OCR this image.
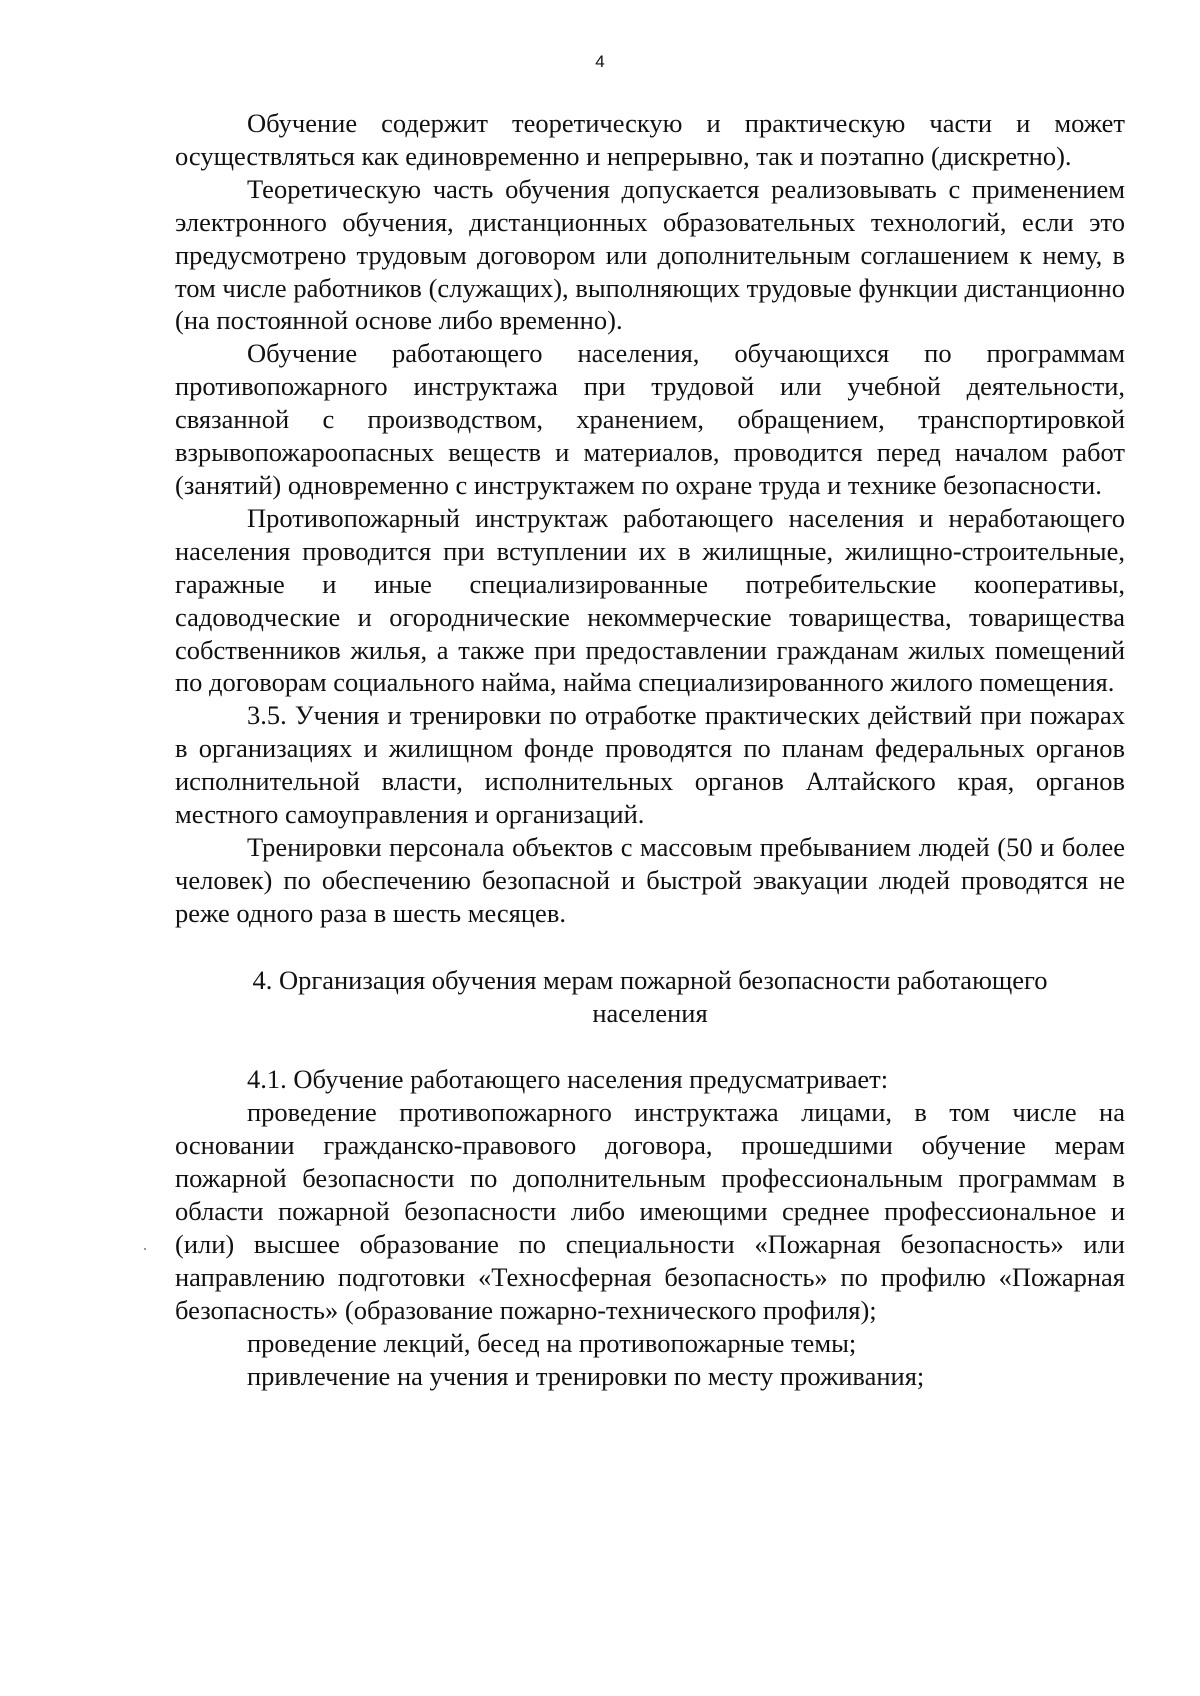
4

Обучение содержит теоретическую и практическую части и может осуществляться как единовременно и непрерывно, так и поэтапно (дискретно).

Теоретическую часть обучения допускается реализовывать с применением электронного обучения, дистанционных образовательных технологий, если это предусмотрено трудовым договором или дополнительным соглашением к нему, в том числе работников (служащих), выполняющих трудовые функции дистанционно (на постоянной основе либо временно).

Обучение работающего населения, обучающихся по программам противопожарного инструктажа при трудовой или учебной деятельности, связанной с производством, хранением, обращением, транспортировкой взрывопожароопасных веществ и материалов, проводится перед началом работ (занятий) одновременно с инструктажем по охране труда и технике безопасности.

Противопожарный инструктаж работающего населения и неработающего населения проводится при вступлении их в жилищные, жилищно-строительные, гаражные и иные специализированные потребительские кооперативы, садоводческие и огороднические некоммерческие товарищества, товарищества собственников жилья, а также при предоставлении гражданам жилых помещений по договорам социального найма, найма специализированного жилого помещения.

3.5. Учения и тренировки по отработке практических действий при пожарах в организациях и жилищном фонде проводятся по планам федеральных органов исполнительной власти, исполнительных органов Алтайского края, органов местного самоуправления и организаций.

Тренировки персонала объектов с массовым пребыванием людей (50 и более человек) по обеспечению безопасной и быстрой эвакуации людей проводятся не реже одного раза в шесть месяцев.

4. Организация обучения мерам пожарной безопасности работающего
населения

4.1. Обучение работающего населения предусматривает:

проведение противопожарного инструктажа лицами, в том числе на основании гражданско-правового договора, прошедшими обучение мерам пожарной безопасности по дополнительным профессиональным программам в области пожарной безопасности либо имеющими среднее профессиональное и (или) высшее образование по специальности «Пожарная безопасность» или направлению подготовки «Техносферная безопасность» по профилю «Пожарная безопасность» (образование пожарно-технического профиля);

проведение лекций, бесед на противопожарные темы;

привлечение на учения и тренировки по месту проживания;
